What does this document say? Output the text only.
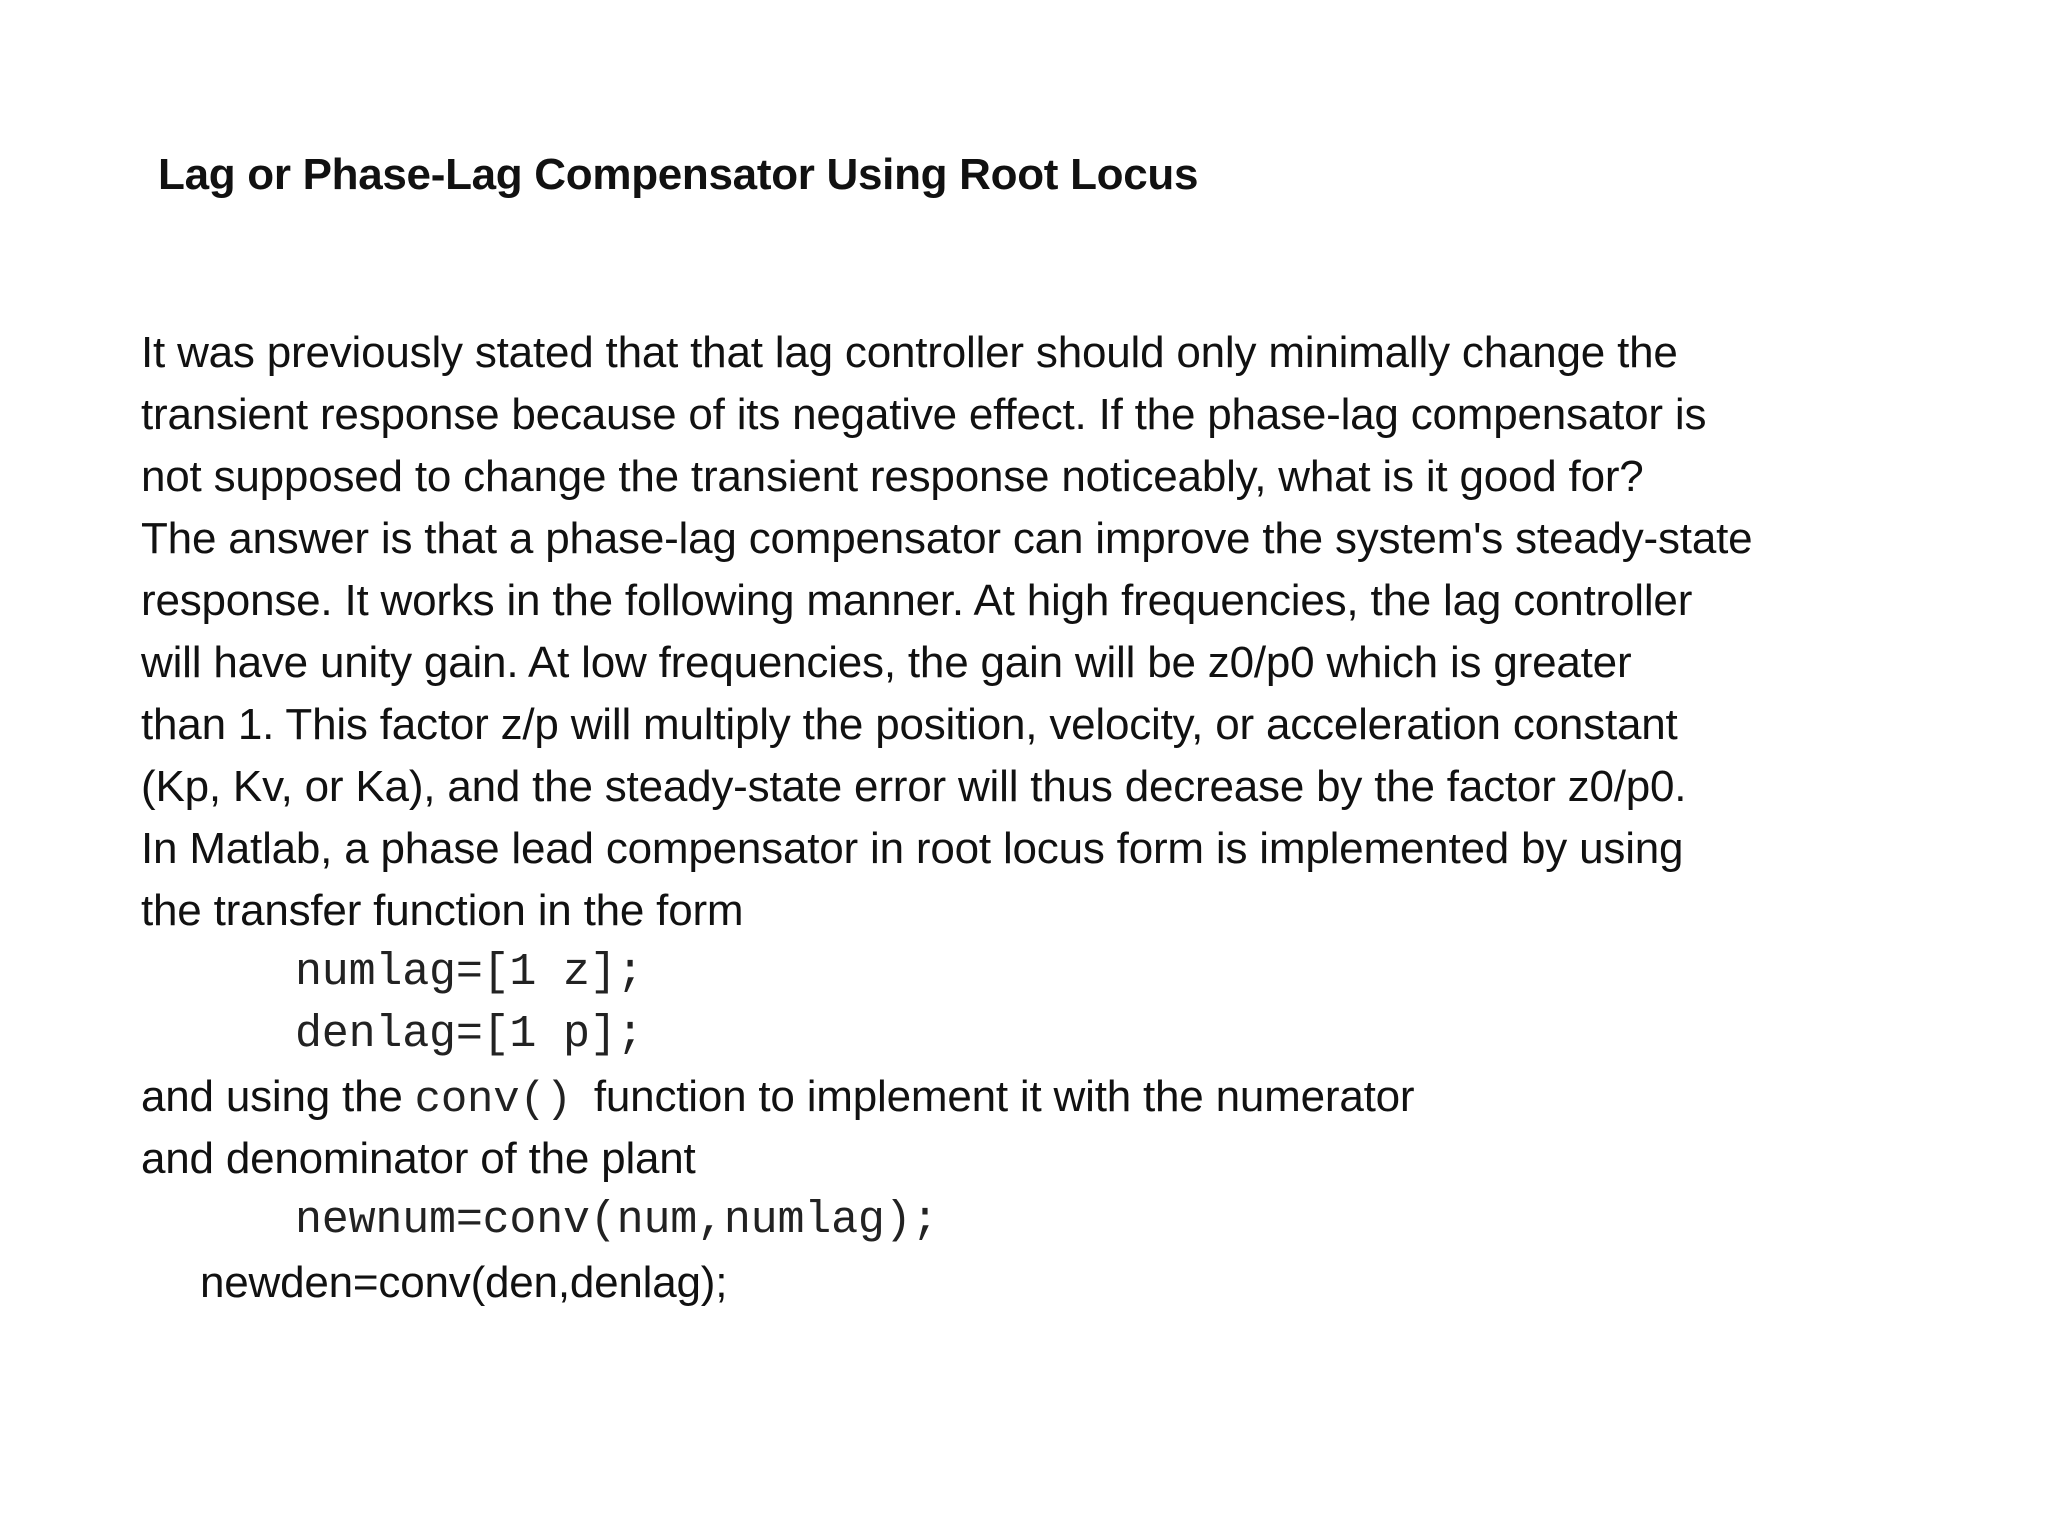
Lag or Phase-Lag Compensator Using Root Locus
It was previously stated that that lag controller should only minimally change the
transient response because of its negative effect. If the phase-lag compensator is
not supposed to change the transient response noticeably, what is it good for?
The answer is that a phase-lag compensator can improve the system's steady-state
response. It works in the following manner. At high frequencies, the lag controller
will have unity gain. At low frequencies, the gain will be z0/p0 which is greater
than 1. This factor z/p will multiply the position, velocity, or acceleration constant
(Kp, Kv, or Ka), and the steady-state error will thus decrease by the factor z0/p0.
In Matlab, a phase lead compensator in root locus form is implemented by using
the transfer function in the form
numlag=[1 z];
denlag=[1 p];
and using the conv() function to implement it with the numerator
and denominator of the plant
newnum=conv(num,numlag);
newden=conv(den,denlag);
